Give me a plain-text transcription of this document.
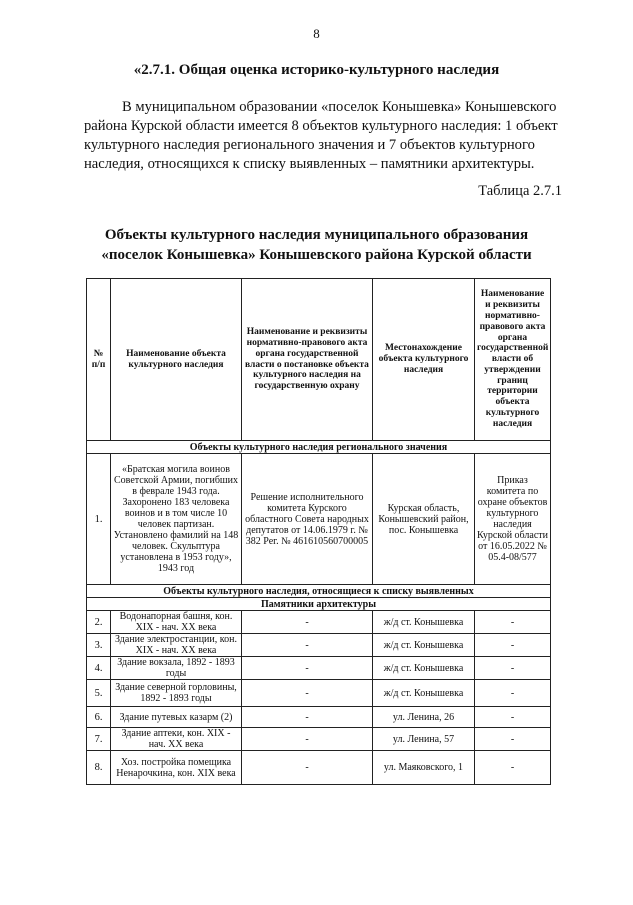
8
«2.7.1. Общая оценка историко-культурного наследия
В муниципальном образовании «поселок Конышевка» Конышевского
района Курской области имеется 8 объектов культурного наследия: 1 объект
культурного наследия регионального значения и 7 объектов культурного
наследия, относящихся к списку выявленных – памятники архитектуры.
Таблица 2.7.1
Объекты культурного наследия муниципального образования
«поселок Конышевка» Конышевского района Курской области
№ п/п	Наименование объекта культурного наследия	Наименование и реквизиты нормативно-правового акта органа государственной власти о постановке объекта культурного наследия на государственную охрану	Местонахождение объекта культурного наследия	Наименование и реквизиты нормативно-правового акта органа государственной власти об утверждении границ территории объекта культурного наследия
Объекты культурного наследия регионального значения				
1.	«Братская могила воинов Советской Армии, погибших в феврале 1943 года. Захоронено 183 человека воинов и в том числе 10 человек партизан. Установлено фамилий на 148 человек. Скульптура установлена в 1953 году», 1943 год	Решение исполнительного комитета Курского областного Совета народных депутатов от 14.06.1979 г. № 382 Рег. № 461610560700005	Курская область, Конышевский район, пос. Конышевка	Приказ комитета по охране объектов культурного наследия Курской области от 16.05.2022 № 05.4-08/577
Объекты культурного наследия, относящиеся к списку выявленных				
Памятники архитектуры				
2.	Водонапорная башня, кон. XIX - нач. XX века	-	ж/д ст. Конышевка	-
3.	Здание электростанции, кон. XIX - нач. XX века	-	ж/д ст. Конышевка	-
4.	Здание вокзала, 1892 - 1893 годы	-	ж/д ст. Конышевка	-
5.	Здание северной горловины, 1892 - 1893 годы	-	ж/д ст. Конышевка	-
6.	Здание путевых казарм (2)	-	ул. Ленина, 26	-
7.	Здание аптеки, кон. XIX - нач. XX века	-	ул. Ленина, 57	-
8.	Хоз. постройка помещика Ненарочкина, кон. XIX века	-	ул. Маяковского, 1	-
